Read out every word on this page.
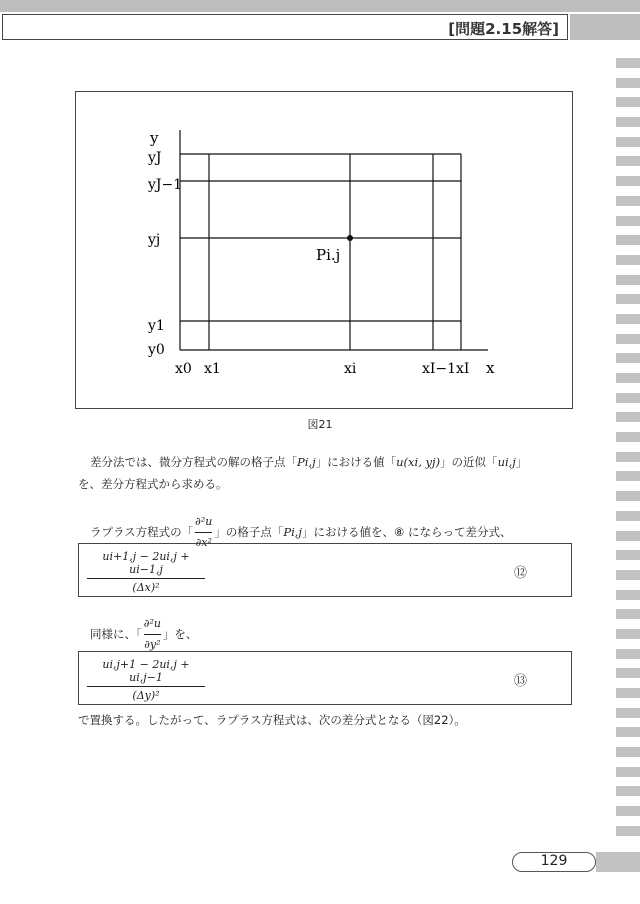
[問題2.15解答]
y
yJ
yJ−1
yj
y1
y0
x0 x1	xi	xI−1 xI x
Pi.j
図21
差分法では、微分方程式の解の格子点「Pi,j」における値「u(xi, yj)」の近似「ui,j」
を、差分方程式から求める。
ラプラス方程式の「 $\frac{\text{∂²u}}{\text{∂x²}}$ 」の格子点「Pi,j」における値を、⑧ にならって差分式、
ui+1,j − 2ui,j + ui−1,j
(Δx)²
⑫
同様に、「 $\frac{\text{∂²u}}{\text{∂y²}}$ 」を、
ui,j+1 − 2ui,j + ui,j−1
(Δy)²
⑬
で置換する。したがって、ラプラス方程式は、次の差分式となる（図22）。
129
